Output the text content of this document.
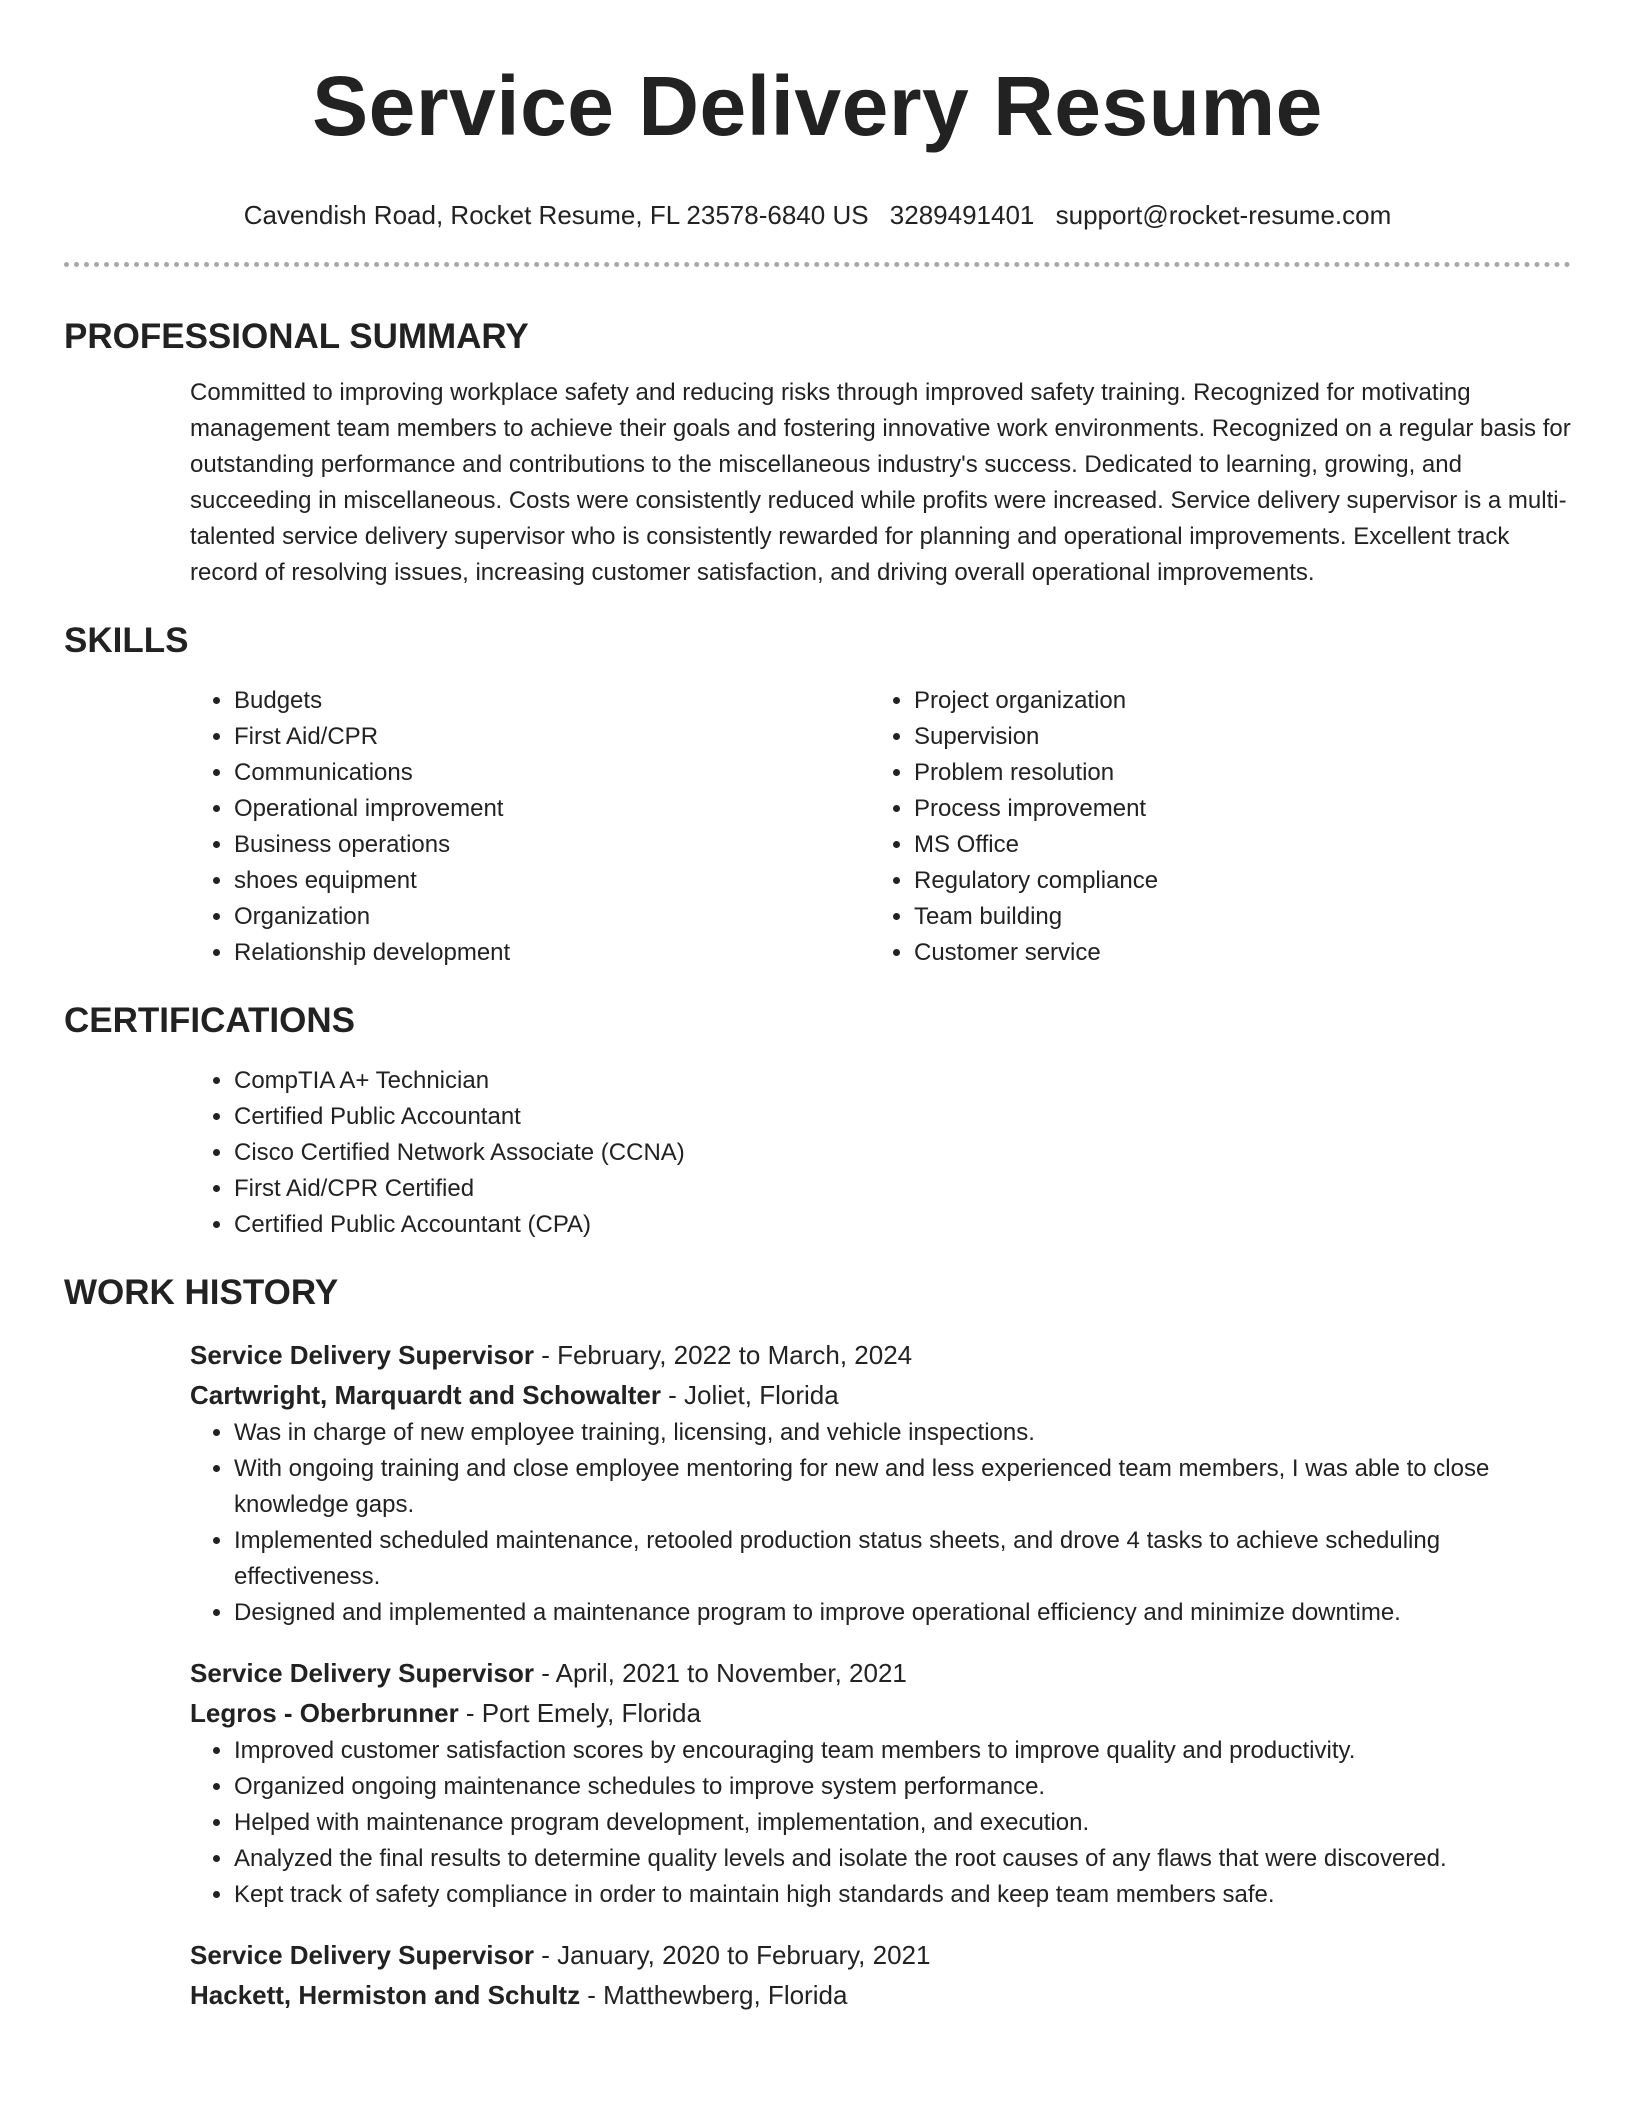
Service Delivery Resume
Cavendish Road, Rocket Resume, FL 23578-6840 US 3289491401 support@rocket-resume.com
PROFESSIONAL SUMMARY

Committed to improving workplace safety and reducing risks through improved safety training. Recognized for motivating management team members to achieve their goals and fostering innovative work environments. Recognized on a regular basis for outstanding performance and contributions to the miscellaneous industry's success. Dedicated to learning, growing, and succeeding in miscellaneous. Costs were consistently reduced while profits were increased. Service delivery supervisor is a multi-talented service delivery supervisor who is consistently rewarded for planning and operational improvements. Excellent track record of resolving issues, increasing customer satisfaction, and driving overall operational improvements.

SKILLS
• Budgets
• First Aid/CPR
• Communications
• Operational improvement
• Business operations
• shoes equipment
• Organization
• Relationship development
• Project organization
• Supervision
• Problem resolution
• Process improvement
• MS Office
• Regulatory compliance
• Team building
• Customer service
CERTIFICATIONS
• CompTIA A+ Technician
• Certified Public Accountant
• Cisco Certified Network Associate (CCNA)
• First Aid/CPR Certified
• Certified Public Accountant (CPA)
WORK HISTORY
Service Delivery Supervisor - February, 2022 to March, 2024
Cartwright, Marquardt and Schowalter - Joliet, Florida
• Was in charge of new employee training, licensing, and vehicle inspections.
• With ongoing training and close employee mentoring for new and less experienced team members, I was able to close knowledge gaps.
• Implemented scheduled maintenance, retooled production status sheets, and drove 4 tasks to achieve scheduling effectiveness.
• Designed and implemented a maintenance program to improve operational efficiency and minimize downtime.
Service Delivery Supervisor - April, 2021 to November, 2021
Legros - Oberbrunner - Port Emely, Florida
• Improved customer satisfaction scores by encouraging team members to improve quality and productivity.
• Organized ongoing maintenance schedules to improve system performance.
• Helped with maintenance program development, implementation, and execution.
• Analyzed the final results to determine quality levels and isolate the root causes of any flaws that were discovered.
• Kept track of safety compliance in order to maintain high standards and keep team members safe.
Service Delivery Supervisor - January, 2020 to February, 2021
Hackett, Hermiston and Schultz - Matthewberg, Florida
